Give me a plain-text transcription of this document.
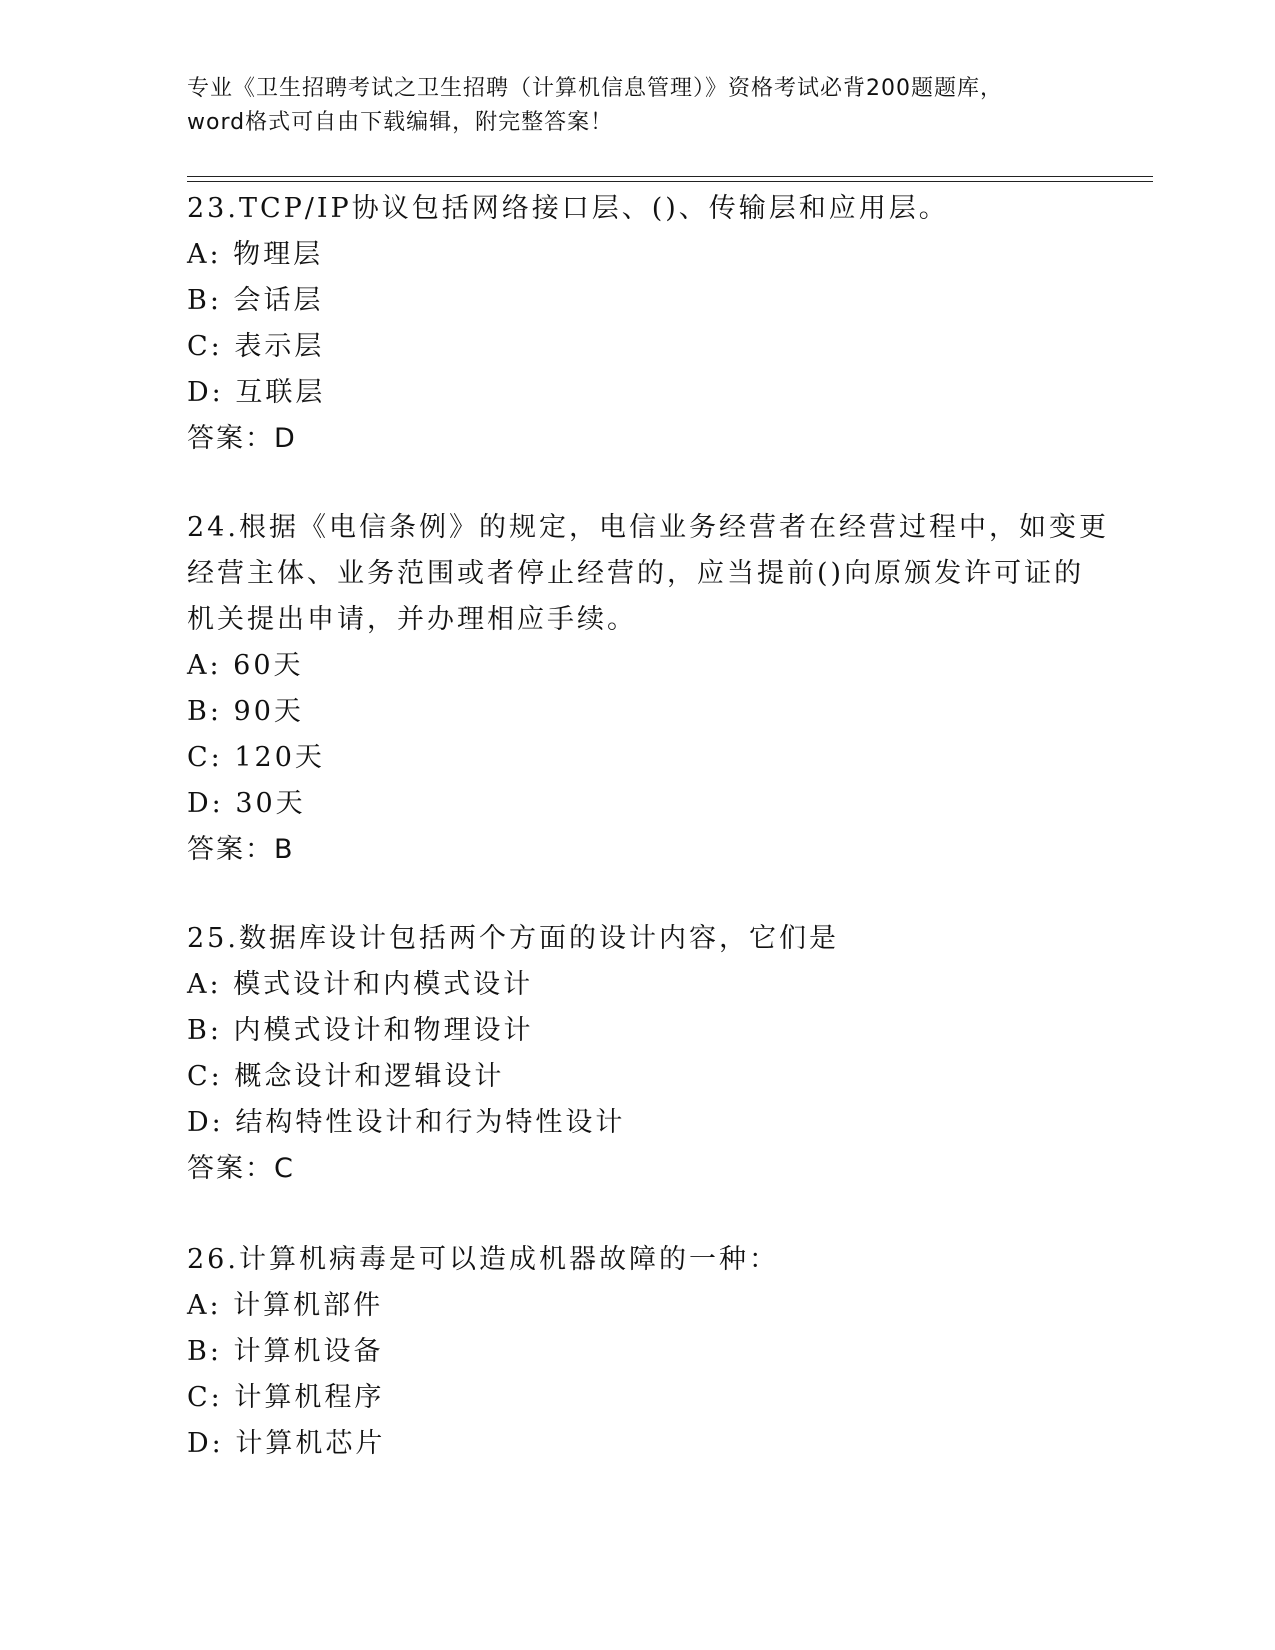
专业《卫生招聘考试之卫生招聘（计算机信息管理）》资格考试必背200题题库，
word格式可自由下载编辑，附完整答案！
23.TCP/IP协议包括网络接口层、()、传输层和应用层。
A: 物理层
B: 会话层
C: 表示层
D: 互联层
答案：D
24.根据《电信条例》的规定，电信业务经营者在经营过程中，如变更
经营主体、业务范围或者停止经营的，应当提前()向原颁发许可证的
机关提出申请，并办理相应手续。
A: 60天
B: 90天
C: 120天
D: 30天
答案：B
25.数据库设计包括两个方面的设计内容，它们是
A: 模式设计和内模式设计
B: 内模式设计和物理设计
C: 概念设计和逻辑设计
D: 结构特性设计和行为特性设计
答案：C
26.计算机病毒是可以造成机器故障的一种：
A: 计算机部件
B: 计算机设备
C: 计算机程序
D: 计算机芯片
